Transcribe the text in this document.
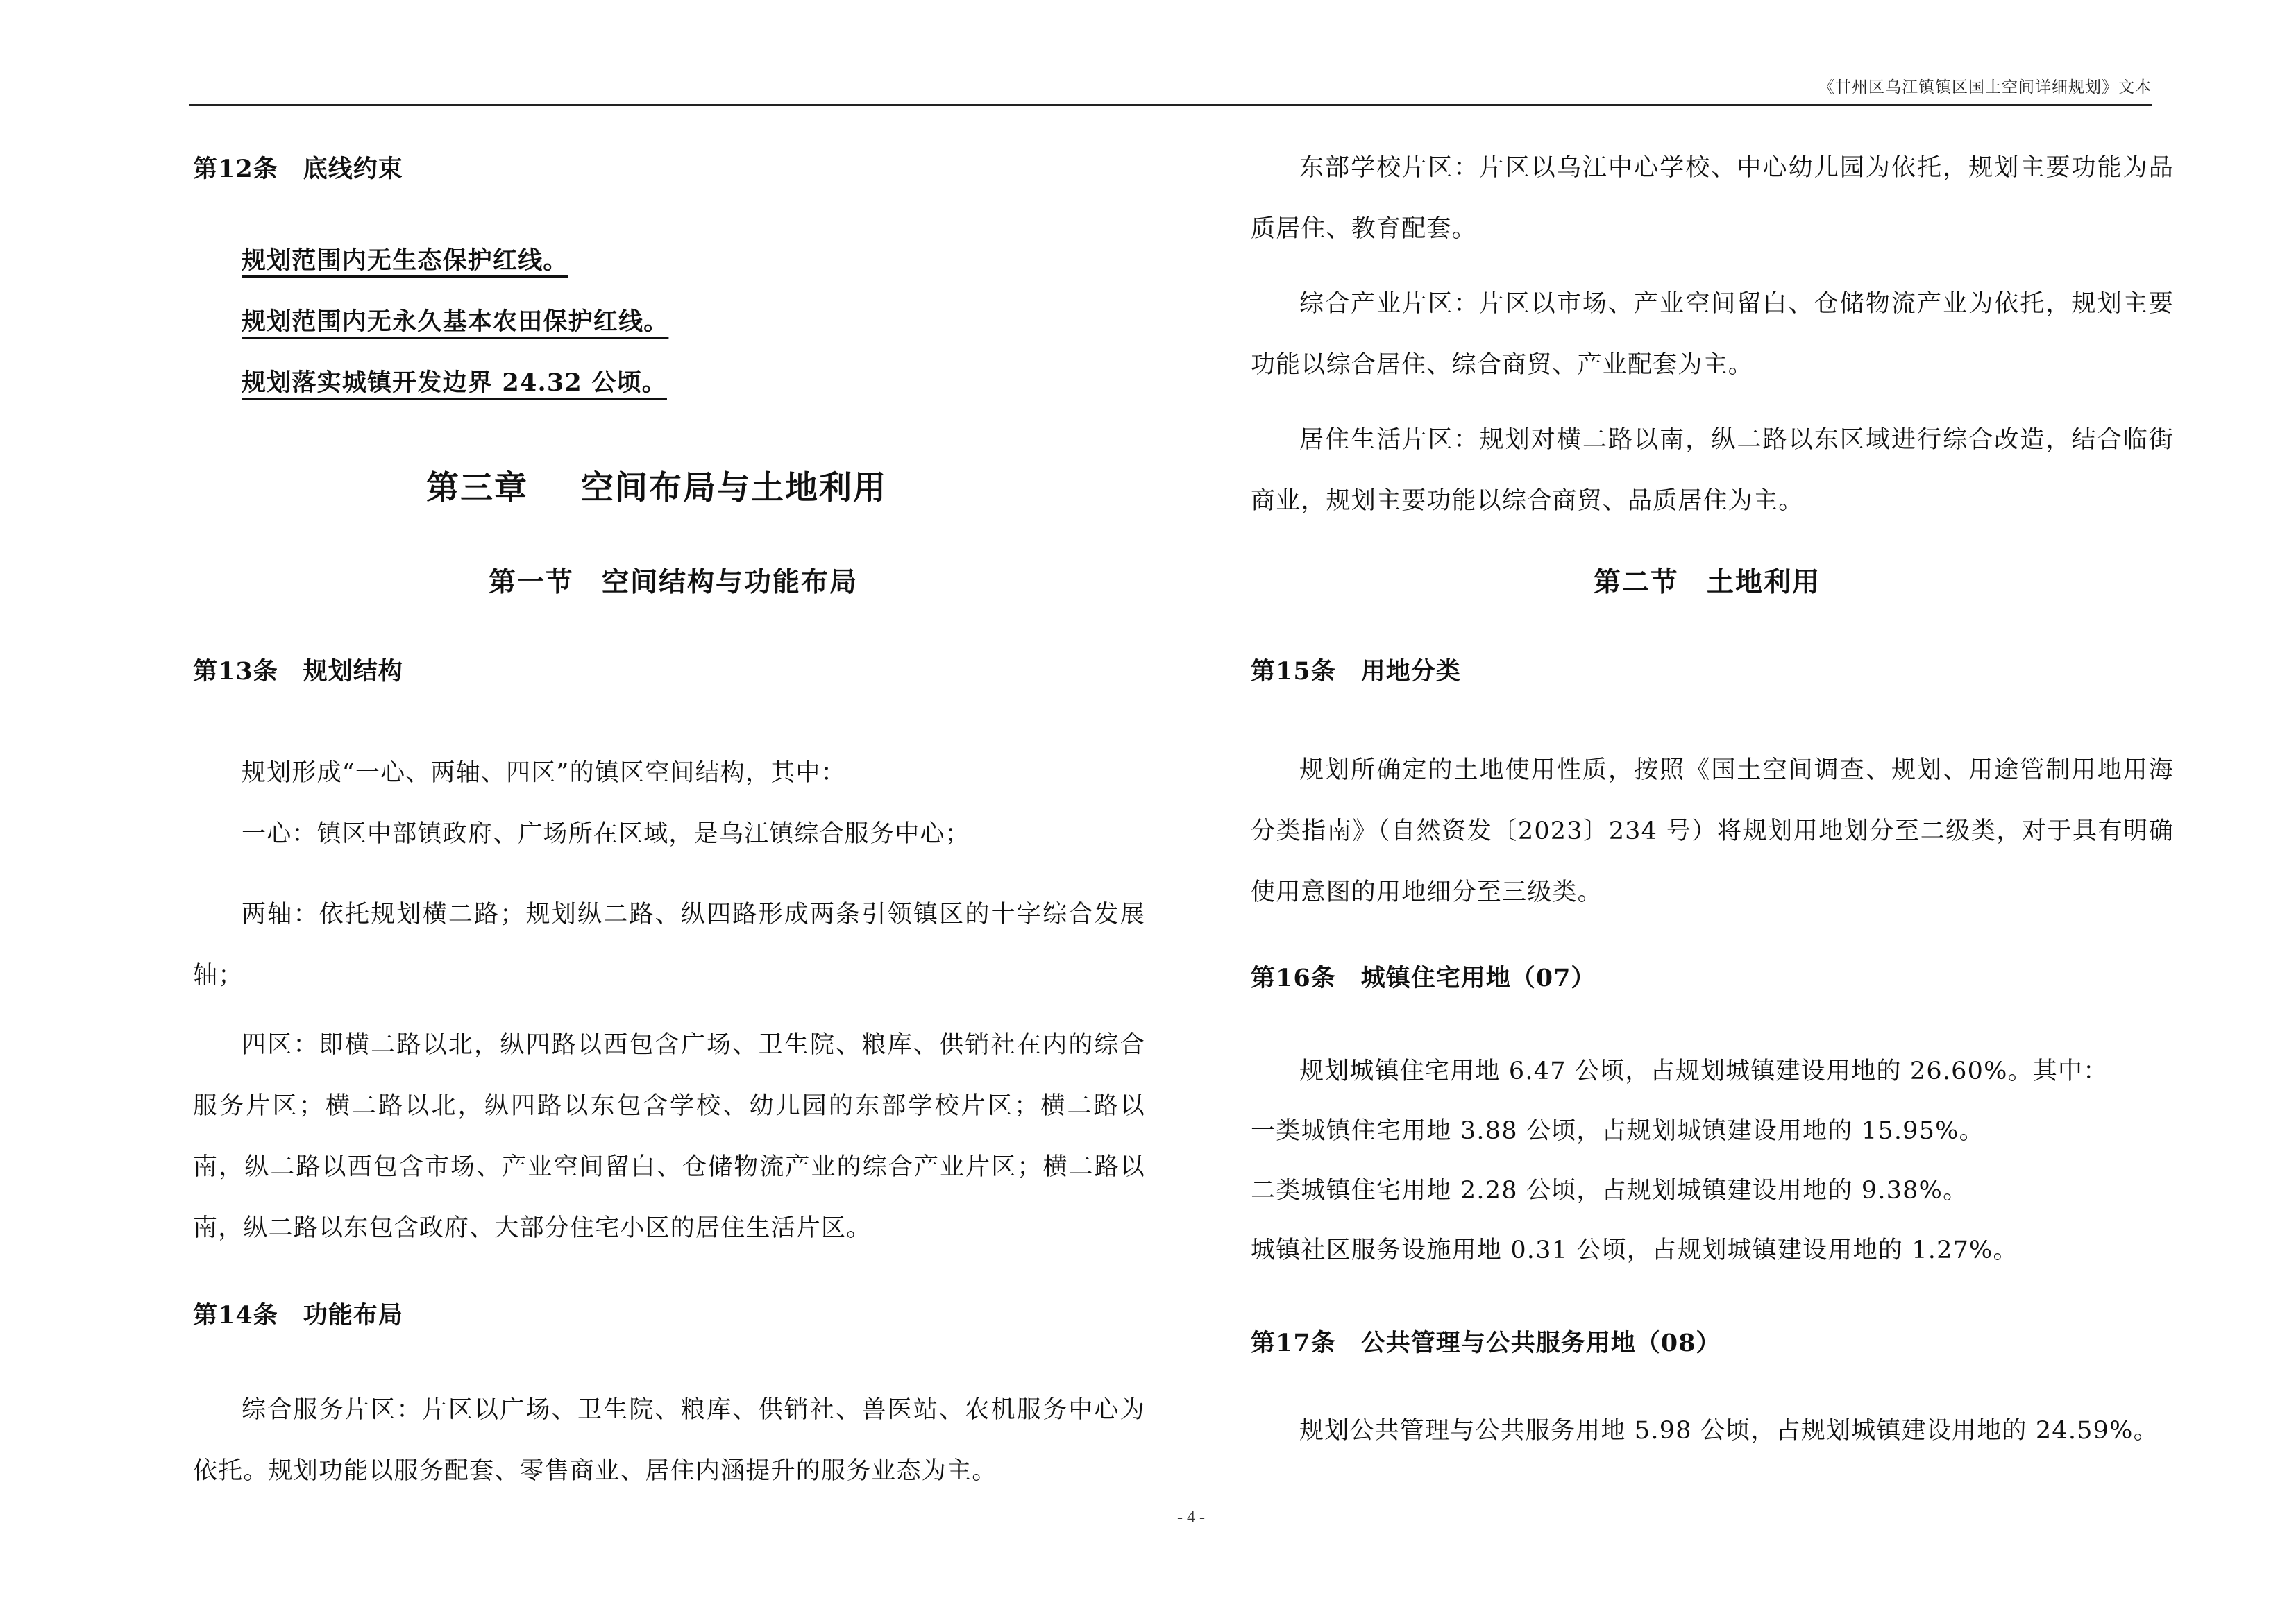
《甘州区乌江镇镇区国土空间详细规划》文本

第12条 底线约束

规划范围内无生态保护红线。

规划范围内无永久基本农田保护红线。

规划落实城镇开发边界 24.32 公顷。

第三章 空间布局与土地利用

第一节 空间结构与功能布局

第13条 规划结构

规划形成“一心、两轴、四区”的镇区空间结构，其中：

一心：镇区中部镇政府、广场所在区域，是乌江镇综合服务中心；

两轴：依托规划横二路；规划纵二路、纵四路形成两条引领镇区的十字综合发展轴；

四区：即横二路以北，纵四路以西包含广场、卫生院、粮库、供销社在内的综合服务片区；横二路以北，纵四路以东包含学校、幼儿园的东部学校片区；横二路以南，纵二路以西包含市场、产业空间留白、仓储物流产业的综合产业片区；横二路以南，纵二路以东包含政府、大部分住宅小区的居住生活片区。

第14条 功能布局

综合服务片区：片区以广场、卫生院、粮库、供销社、兽医站、农机服务中心为依托。规划功能以服务配套、零售商业、居住内涵提升的服务业态为主。

东部学校片区：片区以乌江中心学校、中心幼儿园为依托，规划主要功能为品质居住、教育配套。

综合产业片区：片区以市场、产业空间留白、仓储物流产业为依托，规划主要功能以综合居住、综合商贸、产业配套为主。

居住生活片区：规划对横二路以南，纵二路以东区域进行综合改造，结合临街商业，规划主要功能以综合商贸、品质居住为主。

第二节 土地利用

第15条 用地分类

规划所确定的土地使用性质，按照《国土空间调查、规划、用途管制用地用海分类指南》（自然资发〔2023〕234 号）将规划用地划分至二级类，对于具有明确使用意图的用地细分至三级类。

第16条 城镇住宅用地（07）

规划城镇住宅用地 6.47 公顷，占规划城镇建设用地的 26.60%。其中：

一类城镇住宅用地 3.88 公顷，占规划城镇建设用地的 15.95%。

二类城镇住宅用地 2.28 公顷，占规划城镇建设用地的 9.38%。

城镇社区服务设施用地 0.31 公顷，占规划城镇建设用地的 1.27%。

第17条 公共管理与公共服务用地（08）

规划公共管理与公共服务用地 5.98 公顷，占规划城镇建设用地的 24.59%。

- 4 -
